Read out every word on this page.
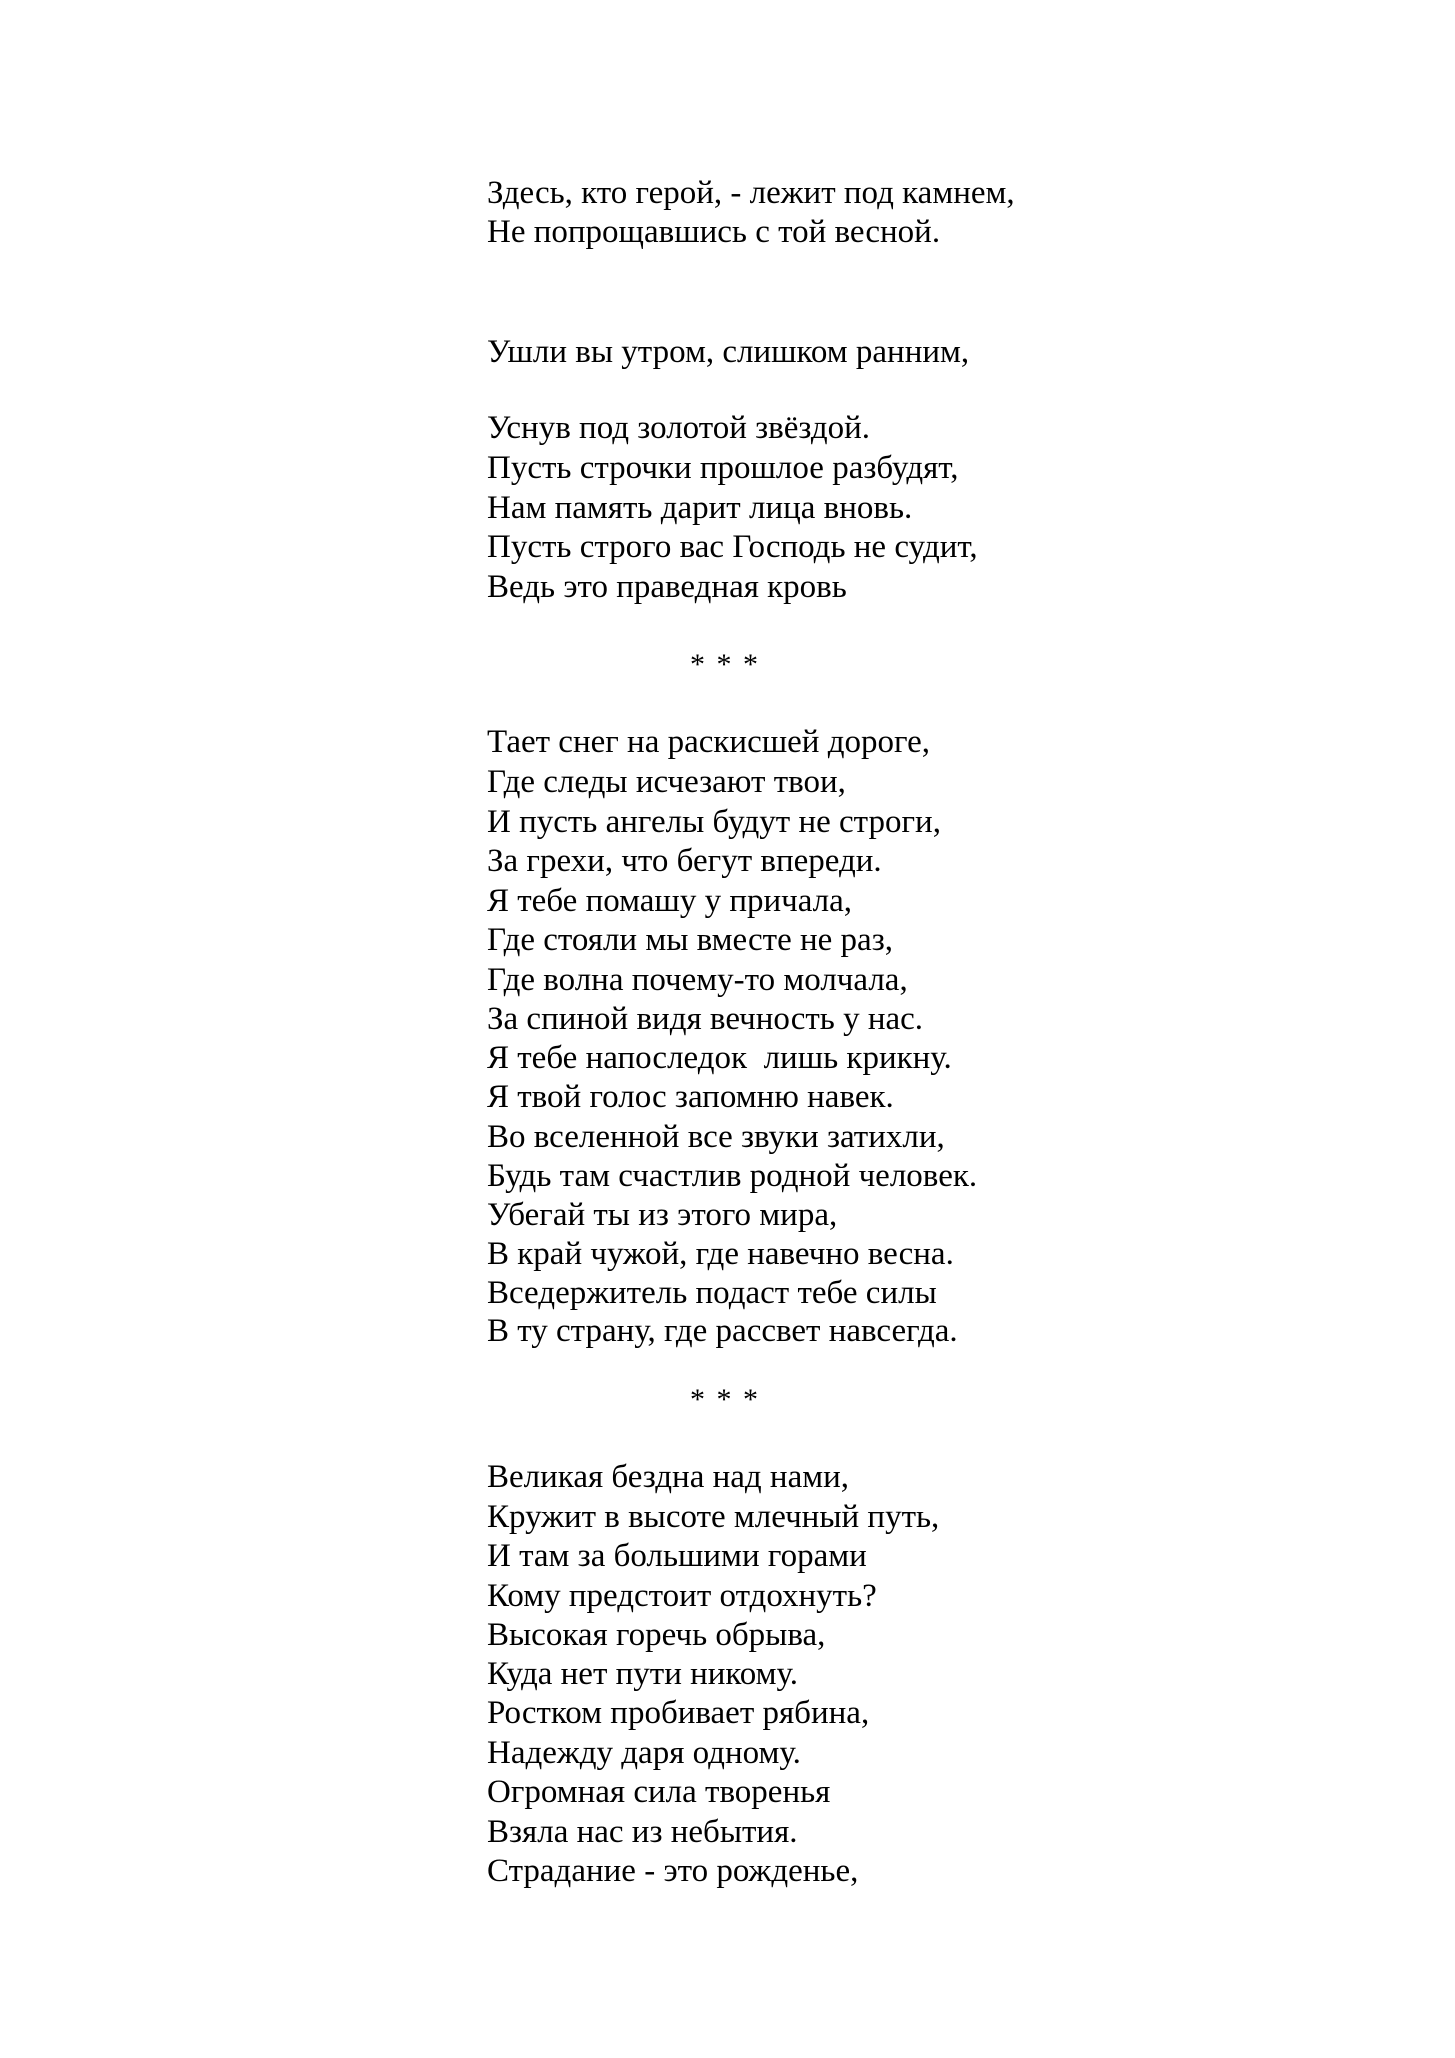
Здесь, кто герой, - лежит под камнем,
Не попрощавшись с той весной.
Ушли вы утром, слишком ранним,
Уснув под золотой звёздой.
Пусть строчки прошлое разбудят,
Нам память дарит лица вновь.
Пусть строго вас Господь не судит,
Ведь это праведная кровь
* * *
Тает снег на раскисшей дороге,
Где следы исчезают твои,
И пусть ангелы будут не строги,
За грехи, что бегут впереди.
Я тебе помашу у причала,
Где стояли мы вместе не раз,
Где волна почему-то молчала,
За спиной видя вечность у нас.
Я тебе напоследок  лишь крикну.
Я твой голос запомню навек.
Во вселенной все звуки затихли,
Будь там счастлив родной человек.
Убегай ты из этого мира,
В край чужой, где навечно весна.
Вседержитель подаст тебе силы
В ту страну, где рассвет навсегда.
* * *
Великая бездна над нами,
Кружит в высоте млечный путь,
И там за большими горами
Кому предстоит отдохнуть?
Высокая горечь обрыва,
Куда нет пути никому.
Ростком пробивает рябина,
Надежду даря одному.
Огромная сила творенья
Взяла нас из небытия.
Страдание - это рожденье,
